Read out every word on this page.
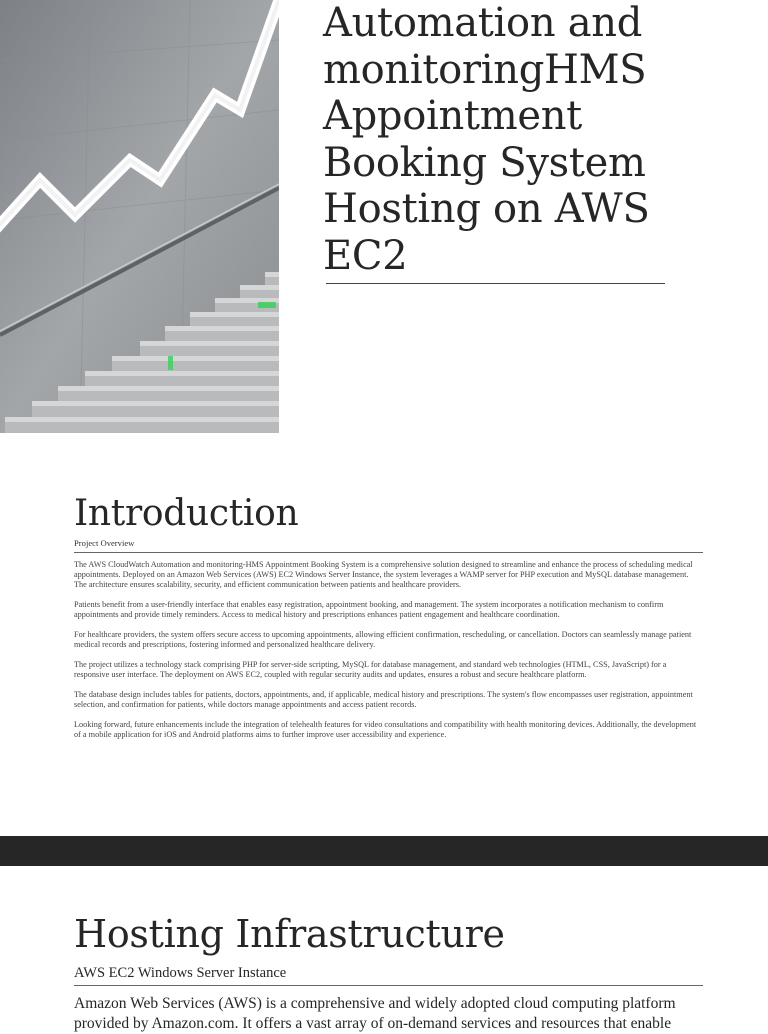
Automation and monitoringHMS Appointment Booking System Hosting on AWS EC2
Introduction
Project Overview

The AWS CloudWatch Automation and monitoring-HMS Appointment Booking System is a comprehensive solution designed to streamline and enhance the process of scheduling medical appointments. Deployed on an Amazon Web Services (AWS) EC2 Windows Server Instance, the system leverages a WAMP server for PHP execution and MySQL database management. The architecture ensures scalability, security, and efficient communication between patients and healthcare providers.

Patients benefit from a user-friendly interface that enables easy registration, appointment booking, and management. The system incorporates a notification mechanism to confirm appointments and provide timely reminders. Access to medical history and prescriptions enhances patient engagement and healthcare coordination.

For healthcare providers, the system offers secure access to upcoming appointments, allowing efficient confirmation, rescheduling, or cancellation. Doctors can seamlessly manage patient medical records and prescriptions, fostering informed and personalized healthcare delivery.

The project utilizes a technology stack comprising PHP for server-side scripting, MySQL for database management, and standard web technologies (HTML, CSS, JavaScript) for a responsive user interface. The deployment on AWS EC2, coupled with regular security audits and updates, ensures a robust and secure healthcare platform.

The database design includes tables for patients, doctors, appointments, and, if applicable, medical history and prescriptions. The system's flow encompasses user registration, appointment selection, and confirmation for patients, while doctors manage appointments and access patient records.

Looking forward, future enhancements include the integration of telehealth features for video consultations and compatibility with health monitoring devices. Additionally, the development of a mobile application for iOS and Android platforms aims to further improve user accessibility and experience.

Hosting Infrastructure
AWS EC2 Windows Server Instance

Amazon Web Services (AWS) is a comprehensive and widely adopted cloud computing platform provided by Amazon.com. It offers a vast array of on-demand services and resources that enable
